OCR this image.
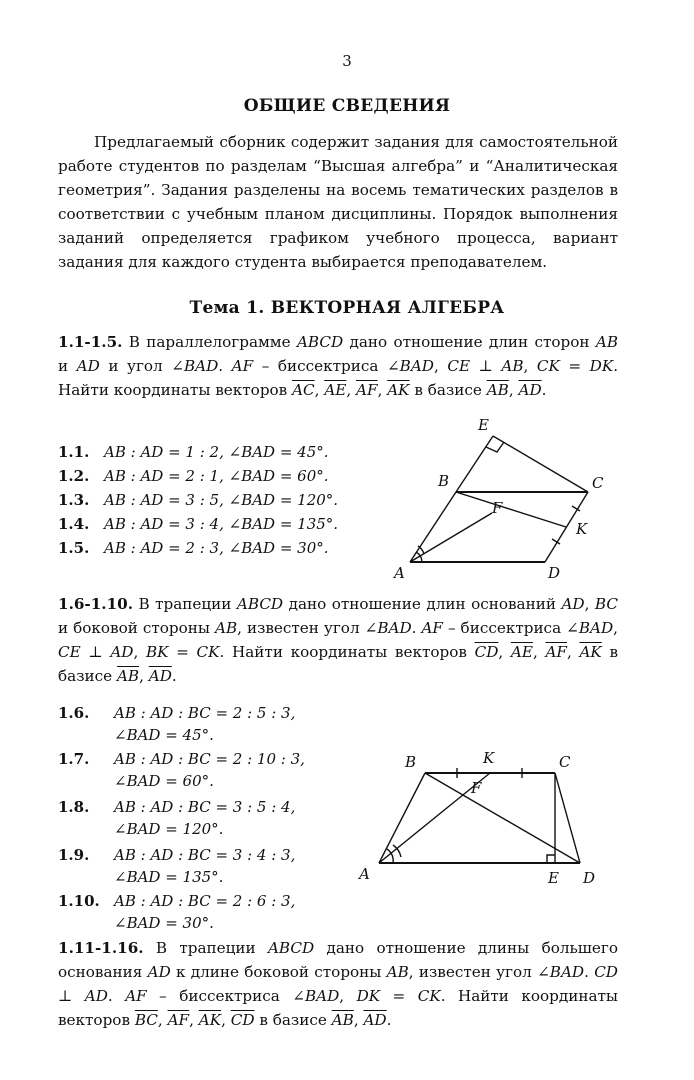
3
ОБЩИЕ СВЕДЕНИЯ

Предлагаемый сборник содержит задания для самостоятельной работе студентов по разделам “Высшая алгебра” и “Аналитическая геометрия”. Задания разделены на восемь тематических разделов в соответствии с учебным планом дисциплины. Порядок выполнения заданий определяется графиком учебного процесса, вариант задания для каждого студента выбирается преподавателем.

Тема 1. ВЕКТОРНАЯ АЛГЕБРА

1.1-1.5. В параллелограмме ABCD дано отношение длин сторон AB и AD и угол ∠BAD. AF – биссектриса ∠BAD, CE ⊥ AB, CK = DK. Найти координаты векторов $\overline{AC}$, $\overline{AE}$, $\overline{AF}$, $\overline{AK}$ в базисе $\overline{AB}$, $\overline{AD}$.

1.1. AB : AD = 1 : 2, ∠BAD = 45°.
1.2. AB : AD = 2 : 1, ∠BAD = 60°.
1.3. AB : AD = 3 : 5, ∠BAD = 120°.
1.4. AB : AD = 3 : 4, ∠BAD = 135°.
1.5. AB : AD = 2 : 3, ∠BAD = 30°.
E
B	C
F
K
A	D

1.6-1.10. В трапеции ABCD дано отношение длин оснований AD, BC и боковой стороны AB, известен угол ∠BAD. AF – биссектриса ∠BAD, CE ⊥ AD, BK = CK. Найти координаты векторов $\overline{CD}$, $\overline{AE}$, $\overline{AF}$, $\overline{AK}$ в базисе $\overline{AB}$, $\overline{AD}$.

1.6. AB : AD : BC = 2 : 5 : 3,
∠BAD = 45°.
1.7. AB : AD : BC = 2 : 10 : 3,
∠BAD = 60°.
1.8. AB : AD : BC = 3 : 5 : 4,
∠BAD = 120°.
1.9. AB : AD : BC = 3 : 4 : 3,
∠BAD = 135°.
1.10. AB : AD : BC = 2 : 6 : 3,
∠BAD = 30°.
B	K	C
F
A	E D

1.11-1.16. В трапеции ABCD дано отношение длины большего основания AD к длине боковой стороны AB, известен угол ∠BAD. CD ⊥ AD. AF – биссектриса ∠BAD, DK = CK. Найти координаты векторов $\overline{BC}$, $\overline{AF}$, $\overline{AK}$, $\overline{CD}$ в базисе $\overline{AB}$, $\overline{AD}$.
